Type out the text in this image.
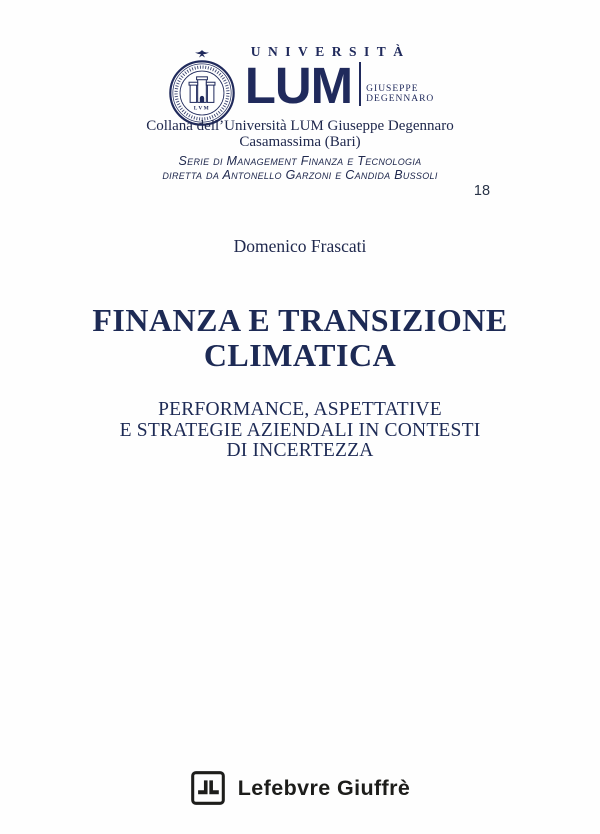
LVM
UNIVERSITÀ
LUM GIUSEPPE
DEGENNARO
Collana dell’Università LUM Giuseppe Degennaro
Casamassima (Bari)
Serie di Management Finanza e Tecnologia
diretta da Antonello Garzoni e Candida Bussoli
18
Domenico Frascati
FINANZA E TRANSIZIONE
CLIMATICA
PERFORMANCE, ASPETTATIVE
E STRATEGIE AZIENDALI IN CONTESTI
DI INCERTEZZA
Lefebvre Giuffrè
